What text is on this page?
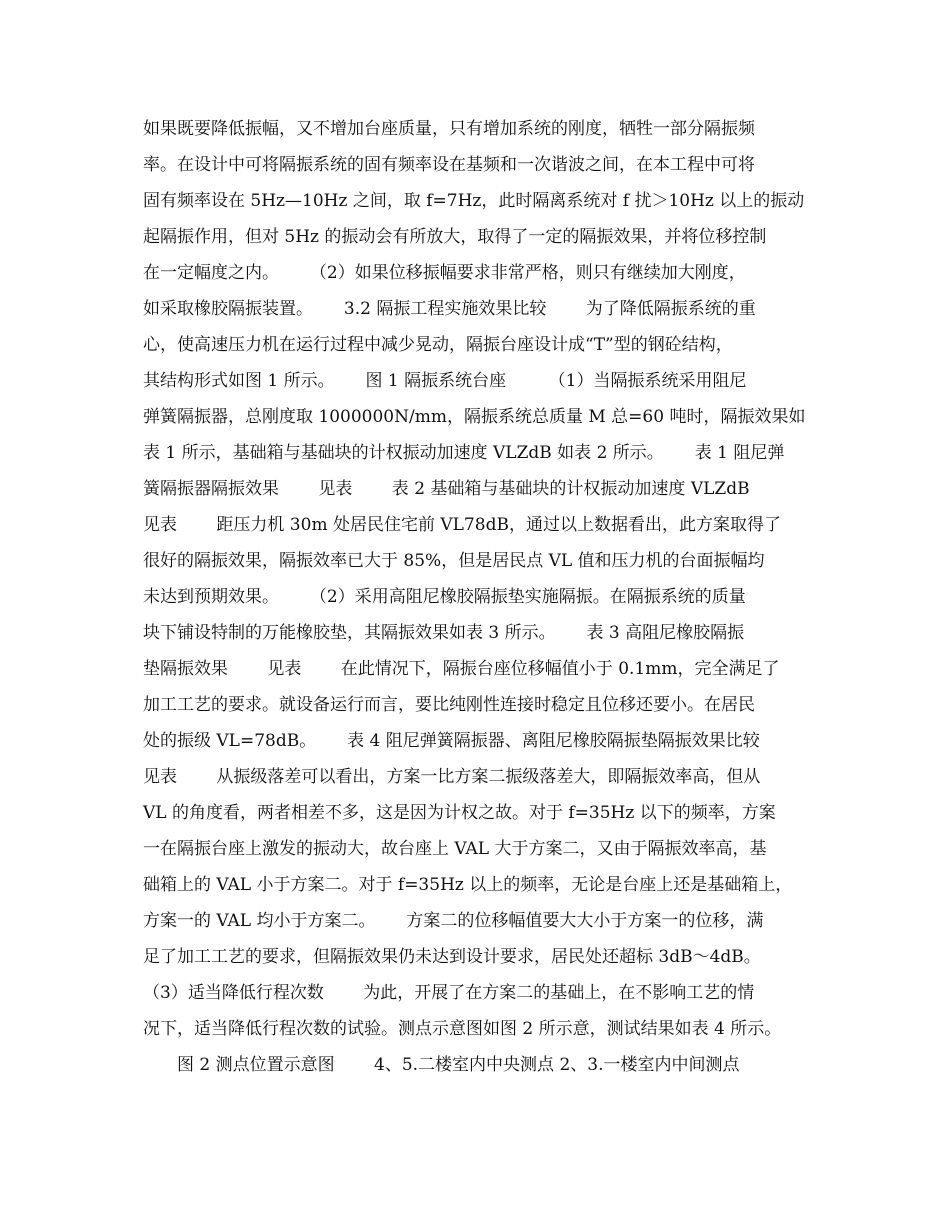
如果既要降低振幅，又不增加台座质量，只有增加系统的刚度，牺牲一部分隔振频
率。在设计中可将隔振系统的固有频率设在基频和一次谐波之间，在本工程中可将
固有频率设在 5Hz—10Hz 之间，取 f=7Hz，此时隔离系统对 f 扰＞10Hz 以上的振动
起隔振作用，但对 5Hz 的振动会有所放大，取得了一定的隔振效果，并将位移控制
在一定幅度之内。　　 （2）如果位移振幅要求非常严格，则只有继续加大刚度，
如采取橡胶隔振装置。　　 3.2 隔振工程实施效果比较　　 为了降低隔振系统的重
心，使高速压力机在运行过程中减少晃动，隔振台座设计成“T”型的钢砼结构，
其结构形式如图 1 所示。　　 图 1 隔振系统台座　　　（1）当隔振系统采用阻尼
弹簧隔振器，总刚度取 1000000N/mm，隔振系统总质量 M 总=60 吨时，隔振效果如
表 1 所示，基础箱与基础块的计权振动加速度 VLZdB 如表 2 所示。　　 表 1 阻尼弹
簧隔振器隔振效果　　 见表　　 表 2 基础箱与基础块的计权振动加速度 VLZdB
见表　　 距压力机 30m 处居民住宅前 VL78dB，通过以上数据看出，此方案取得了
很好的隔振效果，隔振效率已大于 85%，但是居民点 VL 值和压力机的台面振幅均
未达到预期效果。　　 （2）采用高阻尼橡胶隔振垫实施隔振。在隔振系统的质量
块下铺设特制的万能橡胶垫，其隔振效果如表 3 所示。　　 表 3 高阻尼橡胶隔振
垫隔振效果　　 见表　　 在此情况下，隔振台座位移幅值小于 0.1mm，完全满足了
加工工艺的要求。就设备运行而言，要比纯刚性连接时稳定且位移还要小。在居民
处的振级 VL=78dB。　　 表 4 阻尼弹簧隔振器、离阻尼橡胶隔振垫隔振效果比较
见表　　 从振级落差可以看出，方案一比方案二振级落差大，即隔振效率高，但从
VL 的角度看，两者相差不多，这是因为计权之故。对于 f=35Hz 以下的频率，方案
一在隔振台座上激发的振动大，故台座上 VAL 大于方案二，又由于隔振效率高，基
础箱上的 VAL 小于方案二。对于 f=35Hz 以上的频率，无论是台座上还是基础箱上，
方案一的 VAL 均小于方案二。　　 方案二的位移幅值要大大小于方案一的位移，满
足了加工工艺的要求，但隔振效果仍未达到设计要求，居民处还超标 3dB～4dB。
（3）适当降低行程次数　　 为此，开展了在方案二的基础上，在不影响工艺的情
况下，适当降低行程次数的试验。测点示意图如图 2 所示意，测试结果如表 4 所示。
　　图 2 测点位置示意图　　 4、5.二楼室内中央测点 2、3.一楼室内中间测点
